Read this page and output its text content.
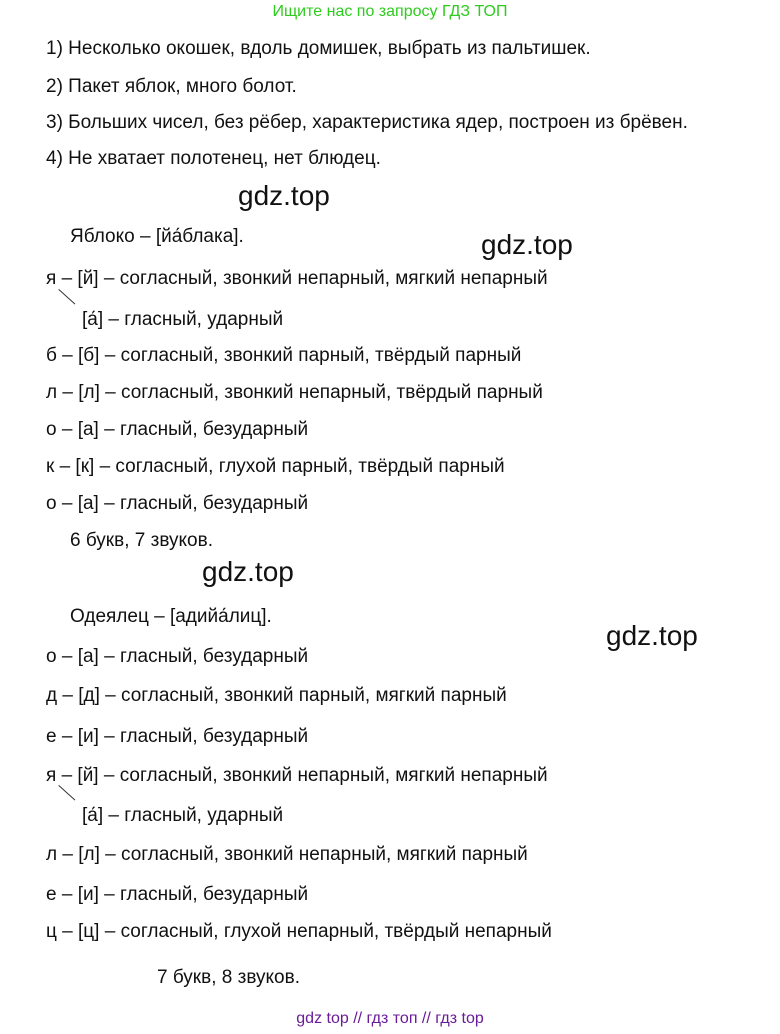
Ищите нас по запросу ГДЗ ТОП

1) Несколько окошек, вдоль домишек, выбрать из пальтишек.

2) Пакет яблок, много болот.

3) Больших чисел, без рёбер, характеристика ядер, построен из брёвен.

4) Не хватает полотенец, нет блюдец.

gdz.top
gdz.top

Яблоко – [йа́блака].

я – [й] – согласный, звонкий непарный, мягкий непарный

[а́] – гласный, ударный

б – [б] – согласный, звонкий парный, твёрдый парный

л – [л] – согласный, звонкий непарный, твёрдый парный

о – [а] – гласный, безударный

к – [к] – согласный, глухой парный, твёрдый парный

о – [а] – гласный, безударный

6 букв, 7 звуков.

gdz.top
gdz.top

Одеялец – [адийа́лиц].

о – [а] – гласный, безударный

д – [д] – согласный, звонкий парный, мягкий парный

е – [и] – гласный, безударный

я – [й] – согласный, звонкий непарный, мягкий непарный

[а́] – гласный, ударный

л – [л] – согласный, звонкий непарный, мягкий парный

е – [и] – гласный, безударный

ц – [ц] – согласный, глухой непарный, твёрдый непарный

7 букв, 8 звуков.

gdz top // гдз топ // гдз top
